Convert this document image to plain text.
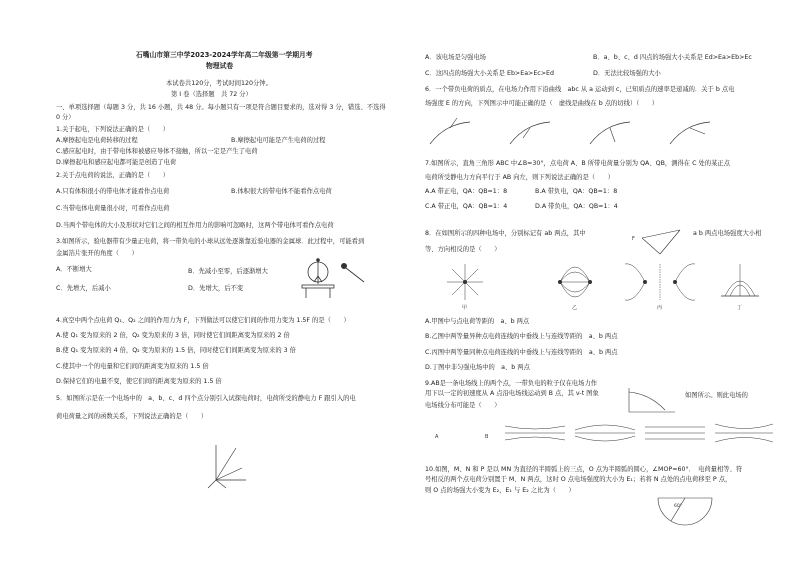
石嘴山市第三中学2023-2024学年高二年级第一学期月考
物理试卷
本试卷共120分，考试时间120分钟。
第 I 卷（选择题　共 72 分）
一、单项选择题（每题 3 分，共 16 小题，共 48 分。每小题只有一项是符合题目要求的，选对得 3 分，错选、不选得
0 分）
1.关于起电，下列说法正确的是（　　）
A.摩擦起电是电荷转移的过程	B.摩擦起电可能是产生电荷的过程
C.感应起电时，由于带电体和被感应导体不接触，所以一定是产生了电荷
D.摩擦起电和感应起电都可能是创造了电荷
2.关于点电荷的说法，正确的是（　　）
A.只有体积很小的带电体才能看作点电荷	B.体积很大的带电体不能看作点电荷
C.当带电体电荷量很小时，可看作点电荷
D.当两个带电体的大小及形状对它们之间的相互作用力的影响可忽略时，这两个带电体可看作点电荷
3.如图所示，验电器带有少量正电荷，将一带负电的小球从远处逐渐靠近验电器的金属球．此过程中，可能看到
金属箔片张开的角度（　　）
A．不断增大	B．先减小至零，后逐渐增大
C．先增大，后减小	D．先增大，后不变
4.真空中两个点电荷 Q₁、Q₂ 之间的作用力为 F，下列做法可以使它们间的作用力变为 1.5F 的是（　　）
A.使 Q₁ 变为原来的 2 倍，Q₂ 变为原来的 3 倍，同时使它们间距离变为原来的 2 倍
B.使 Q₁ 变为原来的 4 倍，Q₂ 变为原来的 1.5 倍，同时使它们间距离变为原来的 3 倍
C.使其中一个的电量和它们间的距离变为原来的 1.5 倍
D.保持它们的电量不变，使它们间的距离变为原来的 1.5 倍
5．如图所示是在一个电场中的　a、b、c、d 四个点分别引入试探电荷时，电荷所受的静电力 F 跟引入的电
荷电荷量之间的函数关系，下列说法正确的是（　　）
A．该电场是匀强电场	B．a、b、c、d 四点的场强大小关系是 Ed>Ea>Eb>Ec
C．这四点的场强大小关系是 Eb>Ea>Ec>Ed	D．无法比较场强的大小
6．一个带负电荷的质点，在电场力作用下沿曲线　abc 从 a 运动到 c，已知质点的速率是递减的．关于 b 点电
场强度 E 的方向，下列图示中可能正确的是（　虚线是曲线在 b 点的切线）（　　）
7.如图所示，直角三角形 ABC 中∠B=30°，点电荷 A、B 所带电荷量分别为 QA、QB，测得在 C 处的某正点
电荷所受静电力方向平行于 AB 向左，则下列说法正确的是（　　）
A.A 带正电，QA：QB=1：8	B.A 带负电，QA：QB=1：8
C.A 带正电，QA：QB=1：4	D.A 带负电，QA：QB=1：4
8．在如图所示的四种电场中，分别标记有 ab 两点，其中	a b 两点电场强度大小相
等、方向相反的是（　　）
F
甲	乙	丙	丁
A.甲图中与点电荷等距的　a、b 两点
B.乙图中两等量异种点电荷连线的中垂线上与连线等距的　a、b 两点
C.丙图中两等量同种点电荷连线的中垂线上与连线等距的　a、b 两点
D.丁图中非匀强电场中的　a、b 两点
9.AB是一条电场线上的两个点，一带负电的粒子仅在电场力作
用下以一定的初速度从 A 点沿电场线运动到 B 点，其 v-t 图象	如图所示。则此电场的
电场线分布可能是（　　）
A	B
10.如图，M、N 和 P 是以 MN 为直径的半圆弧上的三点，O 点为半圆弧的圆心，∠MOP=60°．　电荷量相等、符
号相反的两个点电荷分别置于 M、N 两点，这时 O 点电场强度的大小为 E₁；若将 N 点处的点电荷移至 P 点，
则 O 点的场强大小变为 E₂，E₁ 与 E₂ 之比为（　　）
60°
